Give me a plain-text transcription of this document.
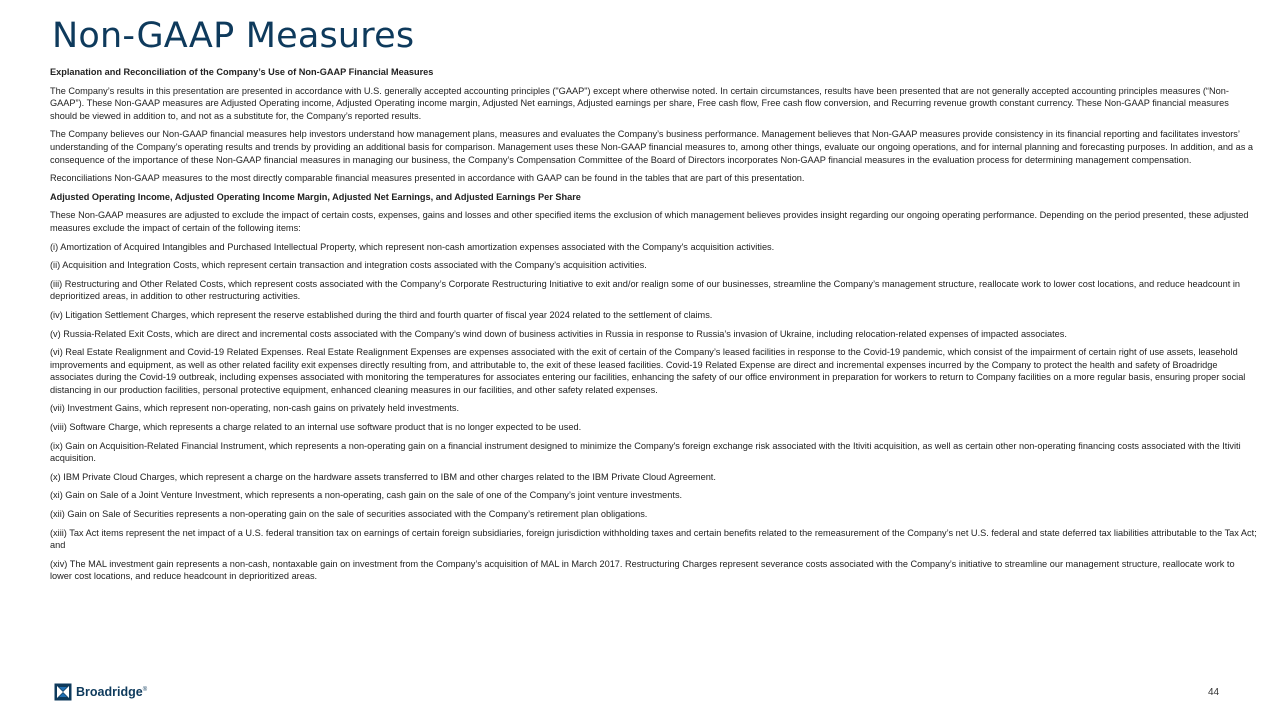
Non-GAAP Measures

Explanation and Reconciliation of the Company’s Use of Non-GAAP Financial Measures

The Company’s results in this presentation are presented in accordance with U.S. generally accepted accounting principles ("GAAP") except where otherwise noted. In certain circumstances, results have been presented that are not generally accepted accounting principles measures (“Non-GAAP”). These Non-GAAP measures are Adjusted Operating income, Adjusted Operating income margin, Adjusted Net earnings, Adjusted earnings per share, Free cash flow, Free cash flow conversion, and Recurring revenue growth constant currency. These Non-GAAP financial measures should be viewed in addition to, and not as a substitute for, the Company’s reported results.

The Company believes our Non-GAAP financial measures help investors understand how management plans, measures and evaluates the Company’s business performance. Management believes that Non-GAAP measures provide consistency in its financial reporting and facilitates investors’ understanding of the Company’s operating results and trends by providing an additional basis for comparison. Management uses these Non-GAAP financial measures to, among other things, evaluate our ongoing operations, and for internal planning and forecasting purposes. In addition, and as a consequence of the importance of these Non-GAAP financial measures in managing our business, the Company’s Compensation Committee of the Board of Directors incorporates Non-GAAP financial measures in the evaluation process for determining management compensation.

Reconciliations Non-GAAP measures to the most directly comparable financial measures presented in accordance with GAAP can be found in the tables that are part of this presentation.

Adjusted Operating Income, Adjusted Operating Income Margin, Adjusted Net Earnings, and Adjusted Earnings Per Share

These Non-GAAP measures are adjusted to exclude the impact of certain costs, expenses, gains and losses and other specified items the exclusion of which management believes provides insight regarding our ongoing operating performance. Depending on the period presented, these adjusted measures exclude the impact of certain of the following items:

(i) Amortization of Acquired Intangibles and Purchased Intellectual Property, which represent non-cash amortization expenses associated with the Company's acquisition activities.

(ii) Acquisition and Integration Costs, which represent certain transaction and integration costs associated with the Company’s acquisition activities.

(iii) Restructuring and Other Related Costs, which represent costs associated with the Company’s Corporate Restructuring Initiative to exit and/or realign some of our businesses, streamline the Company’s management structure, reallocate work to lower cost locations, and reduce headcount in deprioritized areas, in addition to other restructuring activities.

(iv) Litigation Settlement Charges, which represent the reserve established during the third and fourth quarter of fiscal year 2024 related to the settlement of claims.

(v) Russia-Related Exit Costs, which are direct and incremental costs associated with the Company’s wind down of business activities in Russia in response to Russia’s invasion of Ukraine, including relocation-related expenses of impacted associates.

(vi) Real Estate Realignment and Covid-19 Related Expenses. Real Estate Realignment Expenses are expenses associated with the exit of certain of the Company’s leased facilities in response to the Covid-19 pandemic, which consist of the impairment of certain right of use assets, leasehold improvements and equipment, as well as other related facility exit expenses directly resulting from, and attributable to, the exit of these leased facilities. Covid-19 Related Expense are direct and incremental expenses incurred by the Company to protect the health and safety of Broadridge associates during the Covid-19 outbreak, including expenses associated with monitoring the temperatures for associates entering our facilities, enhancing the safety of our office environment in preparation for workers to return to Company facilities on a more regular basis, ensuring proper social distancing in our production facilities, personal protective equipment, enhanced cleaning measures in our facilities, and other safety related expenses.

(vii) Investment Gains, which represent non-operating, non-cash gains on privately held investments.

(viii) Software Charge, which represents a charge related to an internal use software product that is no longer expected to be used.

(ix) Gain on Acquisition-Related Financial Instrument, which represents a non-operating gain on a financial instrument designed to minimize the Company's foreign exchange risk associated with the Itiviti acquisition, as well as certain other non-operating financing costs associated with the Itiviti acquisition.

(x) IBM Private Cloud Charges, which represent a charge on the hardware assets transferred to IBM and other charges related to the IBM Private Cloud Agreement.

(xi) Gain on Sale of a Joint Venture Investment, which represents a non-operating, cash gain on the sale of one of the Company’s joint venture investments.

(xii) Gain on Sale of Securities represents a non-operating gain on the sale of securities associated with the Company’s retirement plan obligations.

(xiii) Tax Act items represent the net impact of a U.S. federal transition tax on earnings of certain foreign subsidiaries, foreign jurisdiction withholding taxes and certain benefits related to the remeasurement of the Company’s net U.S. federal and state deferred tax liabilities attributable to the Tax Act; and

(xiv) The MAL investment gain represents a non-cash, nontaxable gain on investment from the Company’s acquisition of MAL in March 2017. Restructuring Charges represent severance costs associated with the Company’s initiative to streamline our management structure, reallocate work to lower cost locations, and reduce headcount in deprioritized areas.

Broadridge®	44
